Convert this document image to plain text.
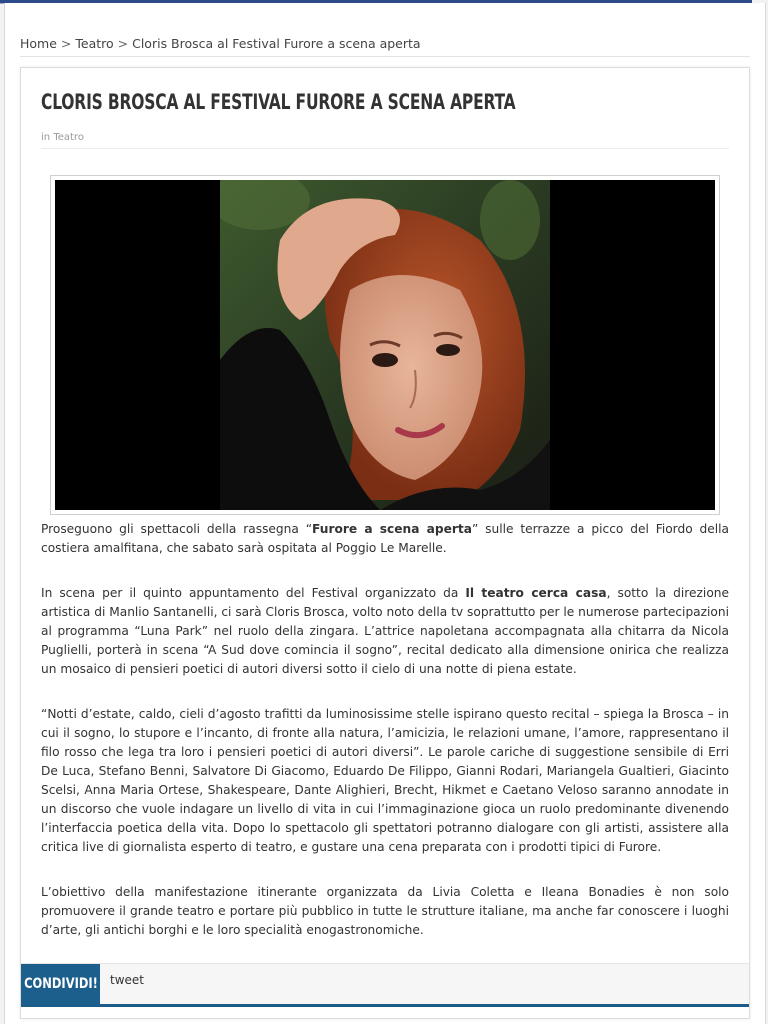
Home > Teatro > Cloris Brosca al Festival Furore a scena aperta
CLORIS BROSCA AL FESTIVAL FURORE A SCENA APERTA
in Teatro

Proseguono gli spettacoli della rassegna “Furore a scena aperta” sulle terrazze a picco del Fiordo della costiera amalfitana, che sabato sarà ospitata al Poggio Le Marelle.

In scena per il quinto appuntamento del Festival organizzato da Il teatro cerca casa, sotto la direzione artistica di Manlio Santanelli, ci sarà Cloris Brosca, volto noto della tv soprattutto per le numerose partecipazioni al programma “Luna Park” nel ruolo della zingara. L’attrice napoletana accompagnata alla chitarra da Nicola Puglielli, porterà in scena “A Sud dove comincia il sogno”, recital dedicato alla dimensione onirica che realizza un mosaico di pensieri poetici di autori diversi sotto il cielo di una notte di piena estate.

“Notti d’estate, caldo, cieli d’agosto trafitti da luminosissime stelle ispirano questo recital – spiega la Brosca – in cui il sogno, lo stupore e l’incanto, di fronte alla natura, l’amicizia, le relazioni umane, l’amore, rappresentano il filo rosso che lega tra loro i pensieri poetici di autori diversi”. Le parole cariche di suggestione sensibile di Erri De Luca, Stefano Benni, Salvatore Di Giacomo, Eduardo De Filippo, Gianni Rodari, Mariangela Gualtieri, Giacinto Scelsi, Anna Maria Ortese, Shakespeare, Dante Alighieri, Brecht, Hikmet e Caetano Veloso saranno annodate in un discorso che vuole indagare un livello di vita in cui l’immaginazione gioca un ruolo predominante divenendo l’interfaccia poetica della vita. Dopo lo spettacolo gli spettatori potranno dialogare con gli artisti, assistere alla critica live di giornalista esperto di teatro, e gustare una cena preparata con i prodotti tipici di Furore.

L’obiettivo della manifestazione itinerante organizzata da Livia Coletta e Ileana Bonadies è non solo promuovere il grande teatro e portare più pubblico in tutte le strutture italiane, ma anche far conoscere i luoghi d’arte, gli antichi borghi e le loro specialità enogastronomiche.

CONDIVIDI! tweet
